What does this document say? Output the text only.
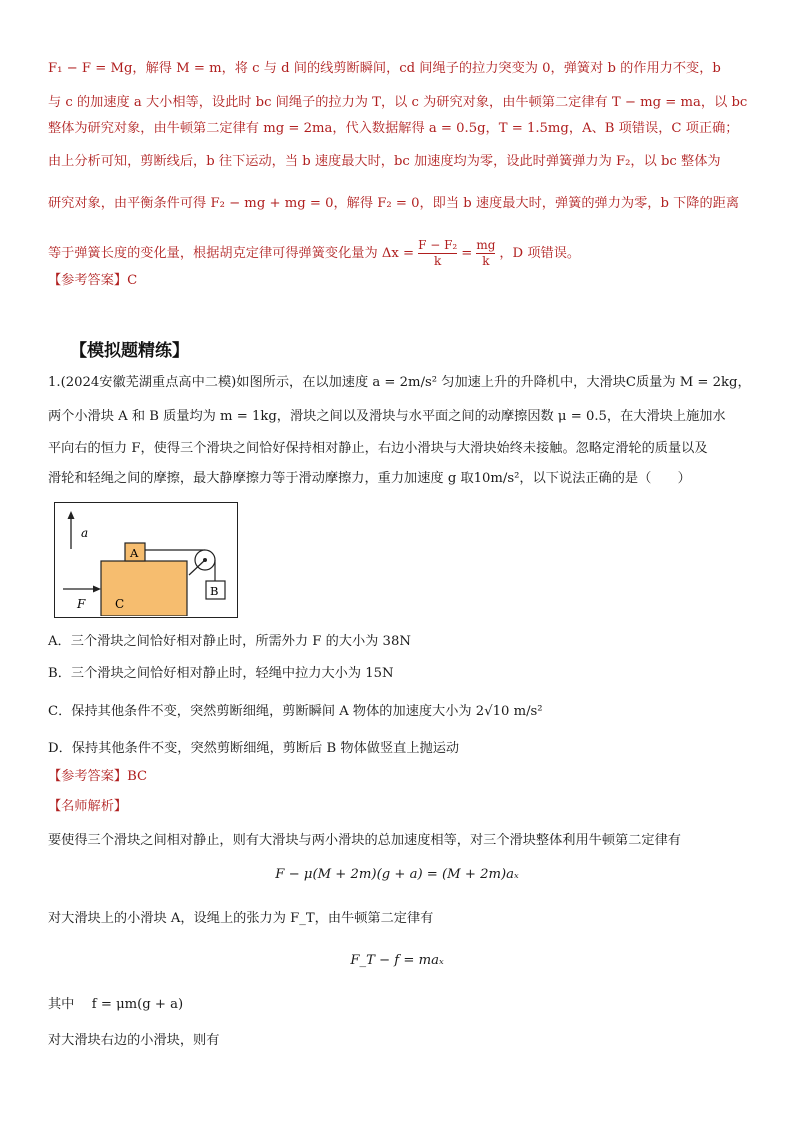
F₁ − F = Mg，解得 M = m，将 c 与 d 间的线剪断瞬间，cd 间绳子的拉力突变为 0，弹簧对 b 的作用力不变，b
与 c 的加速度 a 大小相等，设此时 bc 间绳子的拉力为 T，以 c 为研究对象，由牛顿第二定律有 T − mg = ma，以 bc
整体为研究对象，由牛顿第二定律有 mg = 2ma，代入数据解得 a = 0.5g，T = 1.5mg，A、B 项错误，C 项正确；
由上分析可知，剪断线后，b 往下运动，当 b 速度最大时，bc 加速度均为零，设此时弹簧弹力为 F₂，以 bc 整体为
研究对象，由平衡条件可得 F₂ − mg + mg = 0，解得 F₂ = 0，即当 b 速度最大时，弹簧的弹力为零，b 下降的距离
等于弹簧长度的变化量，根据胡克定律可得弹簧变化量为 $\Delta x = \frac{\text{F − F₂}}{k} = \frac{mg}{k}$ ，D 项错误。
【参考答案】C
【模拟题精练】
1.(2024安徽芜湖重点高中二模)如图所示，在以加速度 a = 2m/s² 匀加速上升的升降机中，大滑块C质量为 M = 2kg，
两个小滑块 A 和 B 质量均为 m = 1kg，滑块之间以及滑块与水平面之间的动摩擦因数 μ = 0.5，在大滑块上施加水
平向右的恒力 F，使得三个滑块之间恰好保持相对静止，右边小滑块与大滑块始终未接触。忽略定滑轮的质量以及
滑轮和轻绳之间的摩擦，最大静摩擦力等于滑动摩擦力，重力加速度 g 取10m/s²，以下说法正确的是（　　）
a
C
A
B
F
A．三个滑块之间恰好相对静止时，所需外力 F 的大小为 38N
B．三个滑块之间恰好相对静止时，轻绳中拉力大小为 15N
C．保持其他条件不变，突然剪断细绳，剪断瞬间 A 物体的加速度大小为 2√10 m/s²
D．保持其他条件不变，突然剪断细绳，剪断后 B 物体做竖直上抛运动
【参考答案】BC
【名师解析】
要使得三个滑块之间相对静止，则有大滑块与两小滑块的总加速度相等，对三个滑块整体利用牛顿第二定律有
F − μ(M + 2m)(g + a) = (M + 2m)aₓ
对大滑块上的小滑块 A，设绳上的张力为 F_T，由牛顿第二定律有
F_T − f = maₓ
其中　 f = μm(g + a)
对大滑块右边的小滑块，则有
